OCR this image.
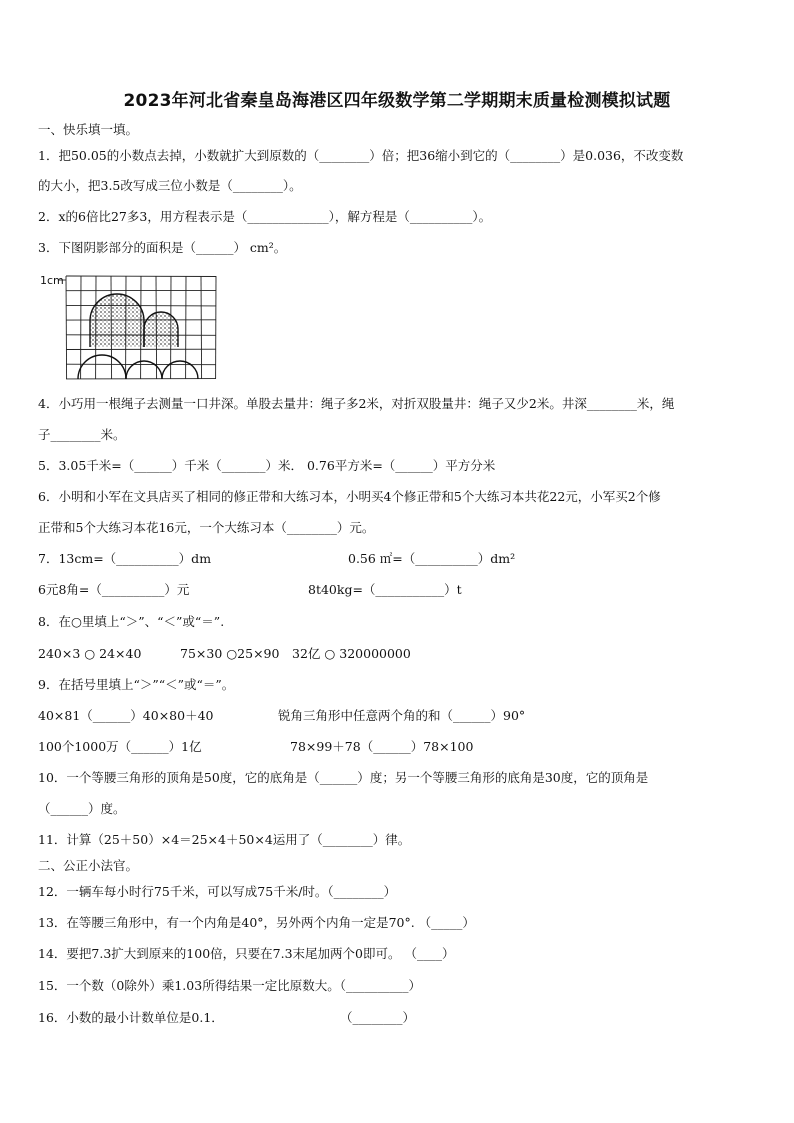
2023年河北省秦皇岛海港区四年级数学第二学期期末质量检测模拟试题
一、快乐填一填。
1．把50.05的小数点去掉，小数就扩大到原数的（________）倍；把36缩小到它的（________）是0.036，不改变数
的大小，把3.5改写成三位小数是（________）。
2．x的6倍比27多3，用方程表示是（_____________），解方程是（__________）。
3．下图阴影部分的面积是（______） cm²。
1cm
4．小巧用一根绳子去测量一口井深。单股去量井：绳子多2米，对折双股量井：绳子又少2米。井深________米，绳
子________米。
5．3.05千米=（______）千米（_______）米． 0.76平方米=（______）平方分米
6．小明和小军在文具店买了相同的修正带和大练习本，小明买4个修正带和5个大练习本共花22元，小军买2个修
正带和5个大练习本花16元，一个大练习本（________）元。
7．13cm=（__________）dm	0.56 ㎡=（__________）dm²
6元8角=（__________）元	8t40kg=（___________）t
8．在○里填上“＞”、“＜”或“＝”.
240×3 ○ 24×40	75×30 ○25×90 32亿 ○ 320000000
9．在括号里填上“＞”“＜”或“＝”。
40×81（______）40×80＋40	锐角三角形中任意两个角的和（______）90°
100个1000万（______）1亿	78×99＋78（______）78×100
10．一个等腰三角形的顶角是50度，它的底角是（______）度；另一个等腰三角形的底角是30度，它的顶角是
（______）度。
11．计算（25＋50）×4＝25×4＋50×4运用了（________）律。
二、公正小法官。
12．一辆车每小时行75千米，可以写成75千米/时。（________）
13．在等腰三角形中，有一个内角是40°，另外两个内角一定是70°. （_____）
14．要把7.3扩大到原来的100倍，只要在7.3末尾加两个0即可。 （____）
15．一个数（0除外）乘1.03所得结果一定比原数大。（__________）
16．小数的最小计数单位是0.1．	（________）
